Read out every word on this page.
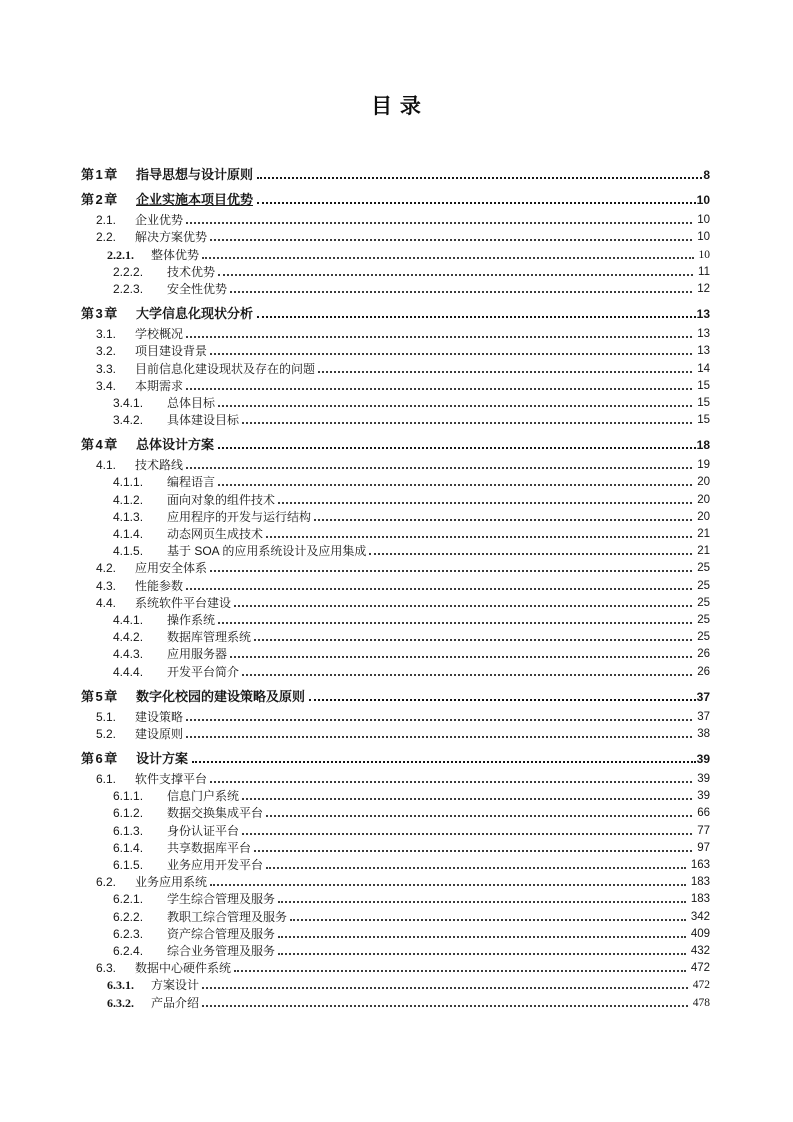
目 录
第1章	指导思想与设计原则	8
第2章	企业实施本项目优势	10
2.1.	企业优势	10
2.2.	解决方案优势	10
2.2.1.	整体优势	10
2.2.2.	技术优势	11
2.2.3.	安全性优势	12
第3章	大学信息化现状分析	13
3.1.	学校概况	13
3.2.	项目建设背景	13
3.3.	目前信息化建设现状及存在的问题	14
3.4.	本期需求	15
3.4.1.	总体目标	15
3.4.2.	具体建设目标	15
第4章	总体设计方案	18
4.1.	技术路线	19
4.1.1.	编程语言	20
4.1.2.	面向对象的组件技术	20
4.1.3.	应用程序的开发与运行结构	20
4.1.4.	动态网页生成技术	21
4.1.5.	基于 SOA 的应用系统设计及应用集成	21
4.2.	应用安全体系	25
4.3.	性能参数	25
4.4.	系统软件平台建设	25
4.4.1.	操作系统	25
4.4.2.	数据库管理系统	25
4.4.3.	应用服务器	26
4.4.4.	开发平台简介	26
第5章	数字化校园的建设策略及原则	37
5.1.	建设策略	37
5.2.	建设原则	38
第6章	设计方案	39
6.1.	软件支撑平台	39
6.1.1.	信息门户系统	39
6.1.2.	数据交换集成平台	66
6.1.3.	身份认证平台	77
6.1.4.	共享数据库平台	97
6.1.5.	业务应用开发平台	163
6.2.	业务应用系统	183
6.2.1.	学生综合管理及服务	183
6.2.2.	教职工综合管理及服务	342
6.2.3.	资产综合管理及服务	409
6.2.4.	综合业务管理及服务	432
6.3.	数据中心硬件系统	472
6.3.1.	方案设计	472
6.3.2.	产品介绍	478
